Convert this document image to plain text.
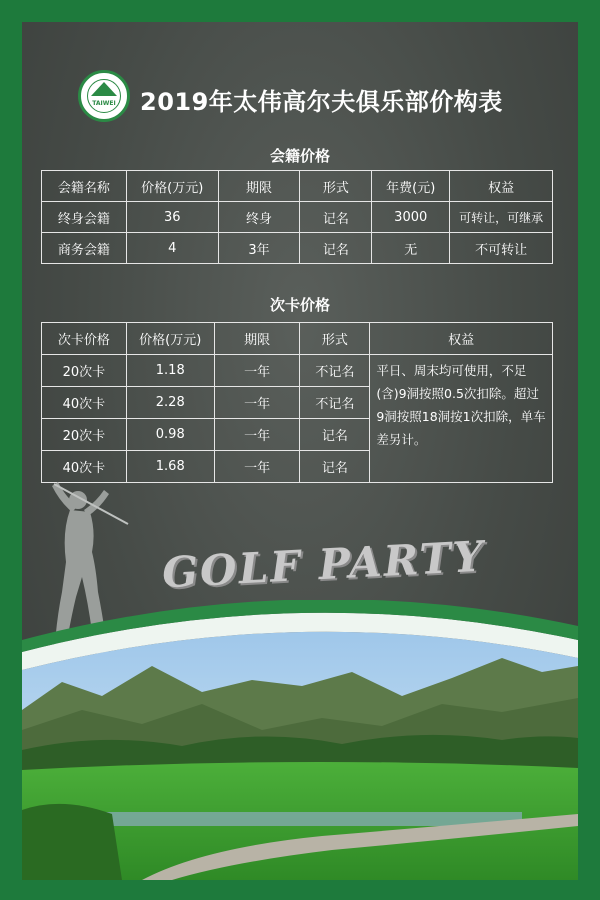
TAIWEI	2019年太伟高尔夫俱乐部价构表
会籍价格
会籍名称	价格(万元)	期限	形式	年费(元)	权益
终身会籍	36	终身	记名	3000	可转让，可继承
商务会籍	4	3年	记名	无	不可转让
次卡价格
次卡价格	价格(万元)	期限	形式	权益
20次卡	1.18	一年	不记名	平日、周末均可使用，不足(含)9洞按照0.5次扣除。超过9洞按照18洞按1次扣除，单车差另计。
40次卡	2.28	一年	不记名	
20次卡	0.98	一年	记名	
40次卡	1.68	一年	记名	
GOLF PARTY
